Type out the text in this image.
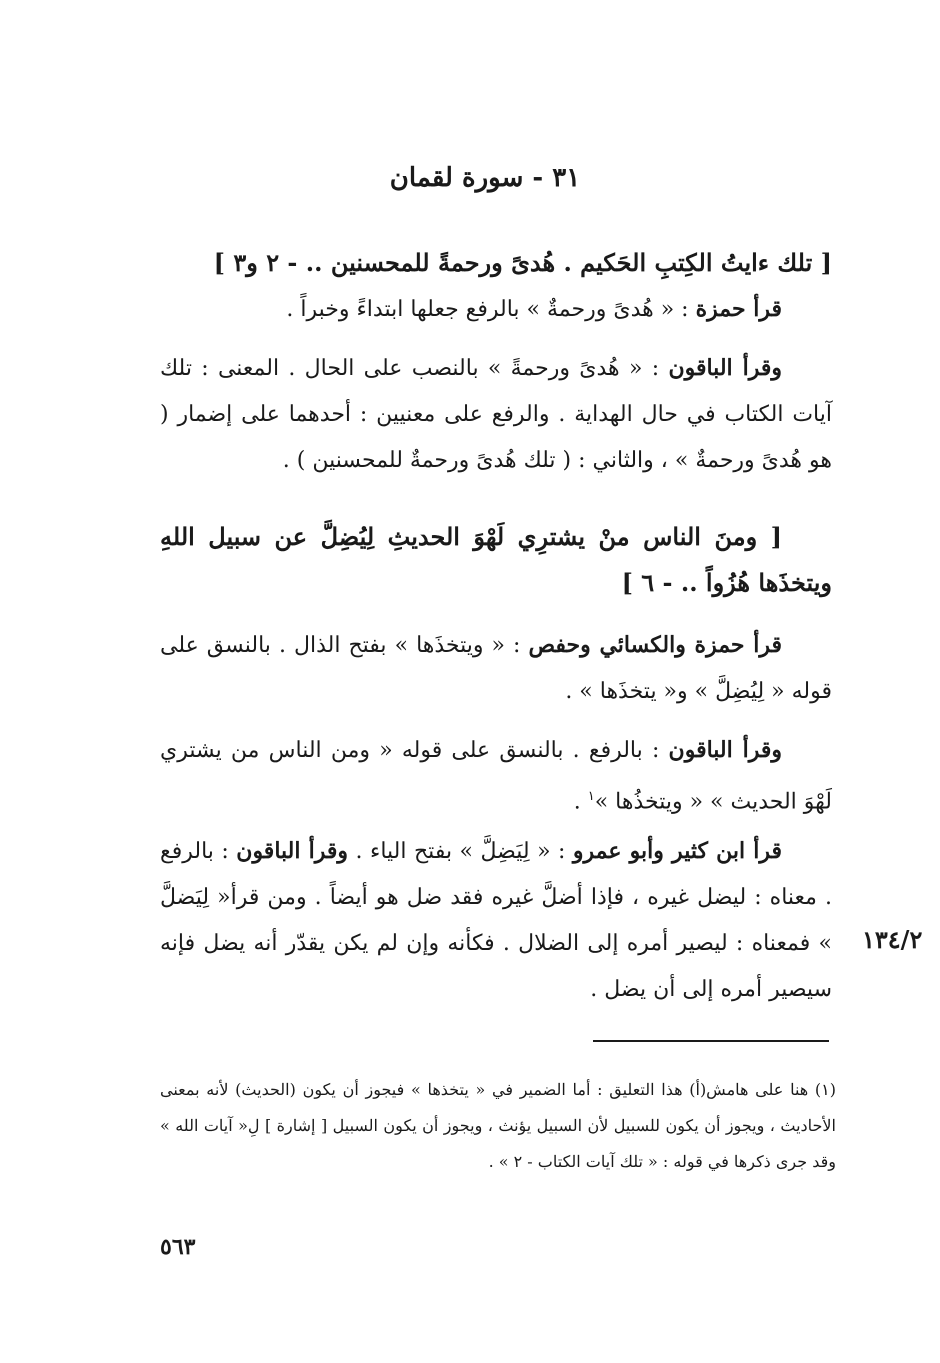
٣١ - سورة لقمان
[ تلك ءايتُ الكِتبِ الحَكيم . هُدىً ورحمةً للمحسنين .. - ٢ و٣ ]
قرأ حمزة : « هُدىً ورحمةٌ » بالرفع جعلها ابتداءً وخبراً .
وقرأ الباقون : « هُدىً ورحمةً » بالنصب على الحال . المعنى : تلك آيات الكتاب في حال الهداية . والرفع على معنيين : أحدهما على إضمار ( هو هُدىً ورحمةٌ » ، والثاني : ( تلك هُدىً ورحمةٌ للمحسنين ) .
[ ومنَ الناس منْ يشترِي لَهْوَ الحديثِ لِيُضِلَّ عن سبيل اللهِ ويتخذَها هُزُواً .. - ٦ ]
قرأ حمزة والكسائي وحفص : « ويتخذَها » بفتح الذال . بالنسق على قوله « لِيُضِلَّ » و« يتخذَها » .
وقرأ الباقون : بالرفع . بالنسق على قوله « ومن الناس من يشتري لَهْوَ الحديث » « ويتخذُها »$^١$ .
قرأ ابن كثير وأبو عمرو : « لِيَضِلَّ » بفتح الياء . وقرأ الباقون : بالرفع . معناه : ليضل غيره ، فإذا أضلَّ غيره فقد ضل هو أيضاً . ومن قرأ« لِيَضلَّ » فمعناه : ليصير أمره إلى الضلال . فكأنه وإن لم يكن يقدّر أنه يضل فإنه سيصير أمره إلى أن يضل .
١٣٤/٢
(١) هنا على هامش(أ) هذا التعليق : أما الضمير في « يتخذها » فيجوز أن يكون (الحديث) لأنه بمعنى الأحاديث ، ويجوز أن يكون للسبيل لأن السبيل يؤنث ، ويجوز أن يكون السبيل [ إشارة ] لِ« آيات الله » وقد جرى ذكرها في قوله : « تلك آيات الكتاب - ٢ » .
٥٦٣
